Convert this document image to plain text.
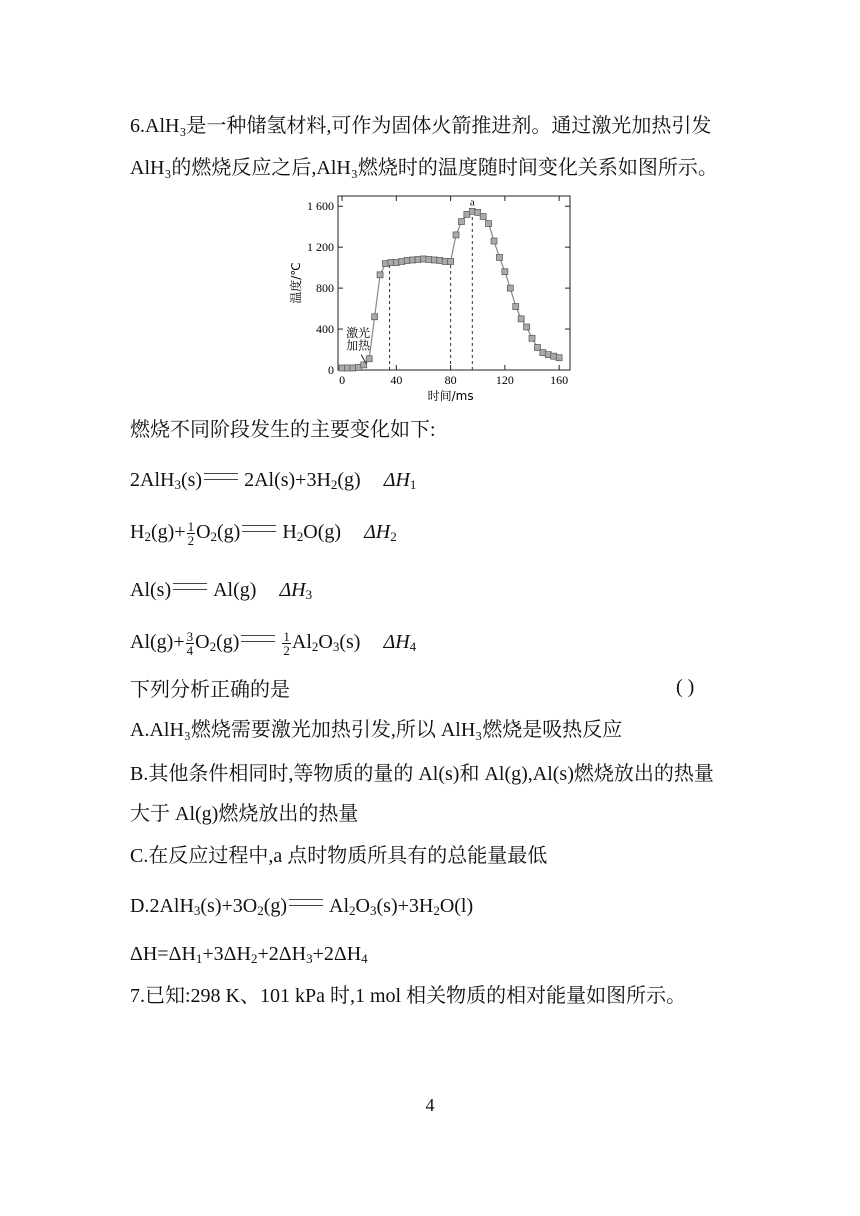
6.AlH₃是一种储氢材料,可作为固体火箭推进剂。通过激光加热引发
AlH₃的燃烧反应之后,AlH₃燃烧时的温度随时间变化关系如图所示。
0
400
800
1 200
1 600
0	40	80	120	160
时间/ms
温度/℃
a
激光
加热
燃烧不同阶段发生的主要变化如下:
2AlH$_3$(s) $2Al(s)+3H_2(g)$ $\Delta H_1$
$H_2(g)+ \frac{1}{2} O_2(g)$ $H_2O(g)$ $\Delta H_2$
Al(s) Al(g) $\Delta H_3$
$Al(g)+ \frac{3}{4} O_2(g)$	$\frac{1}{2} Al_2O_3(s)$ $\Delta H_4$
下列分析正确的是	( )
A.AlH₃燃烧需要激光加热引发,所以 AlH₃燃烧是吸热反应
B.其他条件相同时,等物质的量的 Al(s)和 Al(g),Al(s)燃烧放出的热量
大于 Al(g)燃烧放出的热量
C.在反应过程中,a 点时物质所具有的总能量最低
$D.2AlH_3(s)+3O_2(g)$ $Al_2O_3(s)+3H_2O(l)$
$\Delta H=\Delta H_1+3\Delta H_2+2\Delta H_3+2\Delta H_4$
7.已知:298 K、101 kPa 时,1 mol 相关物质的相对能量如图所示。
4
